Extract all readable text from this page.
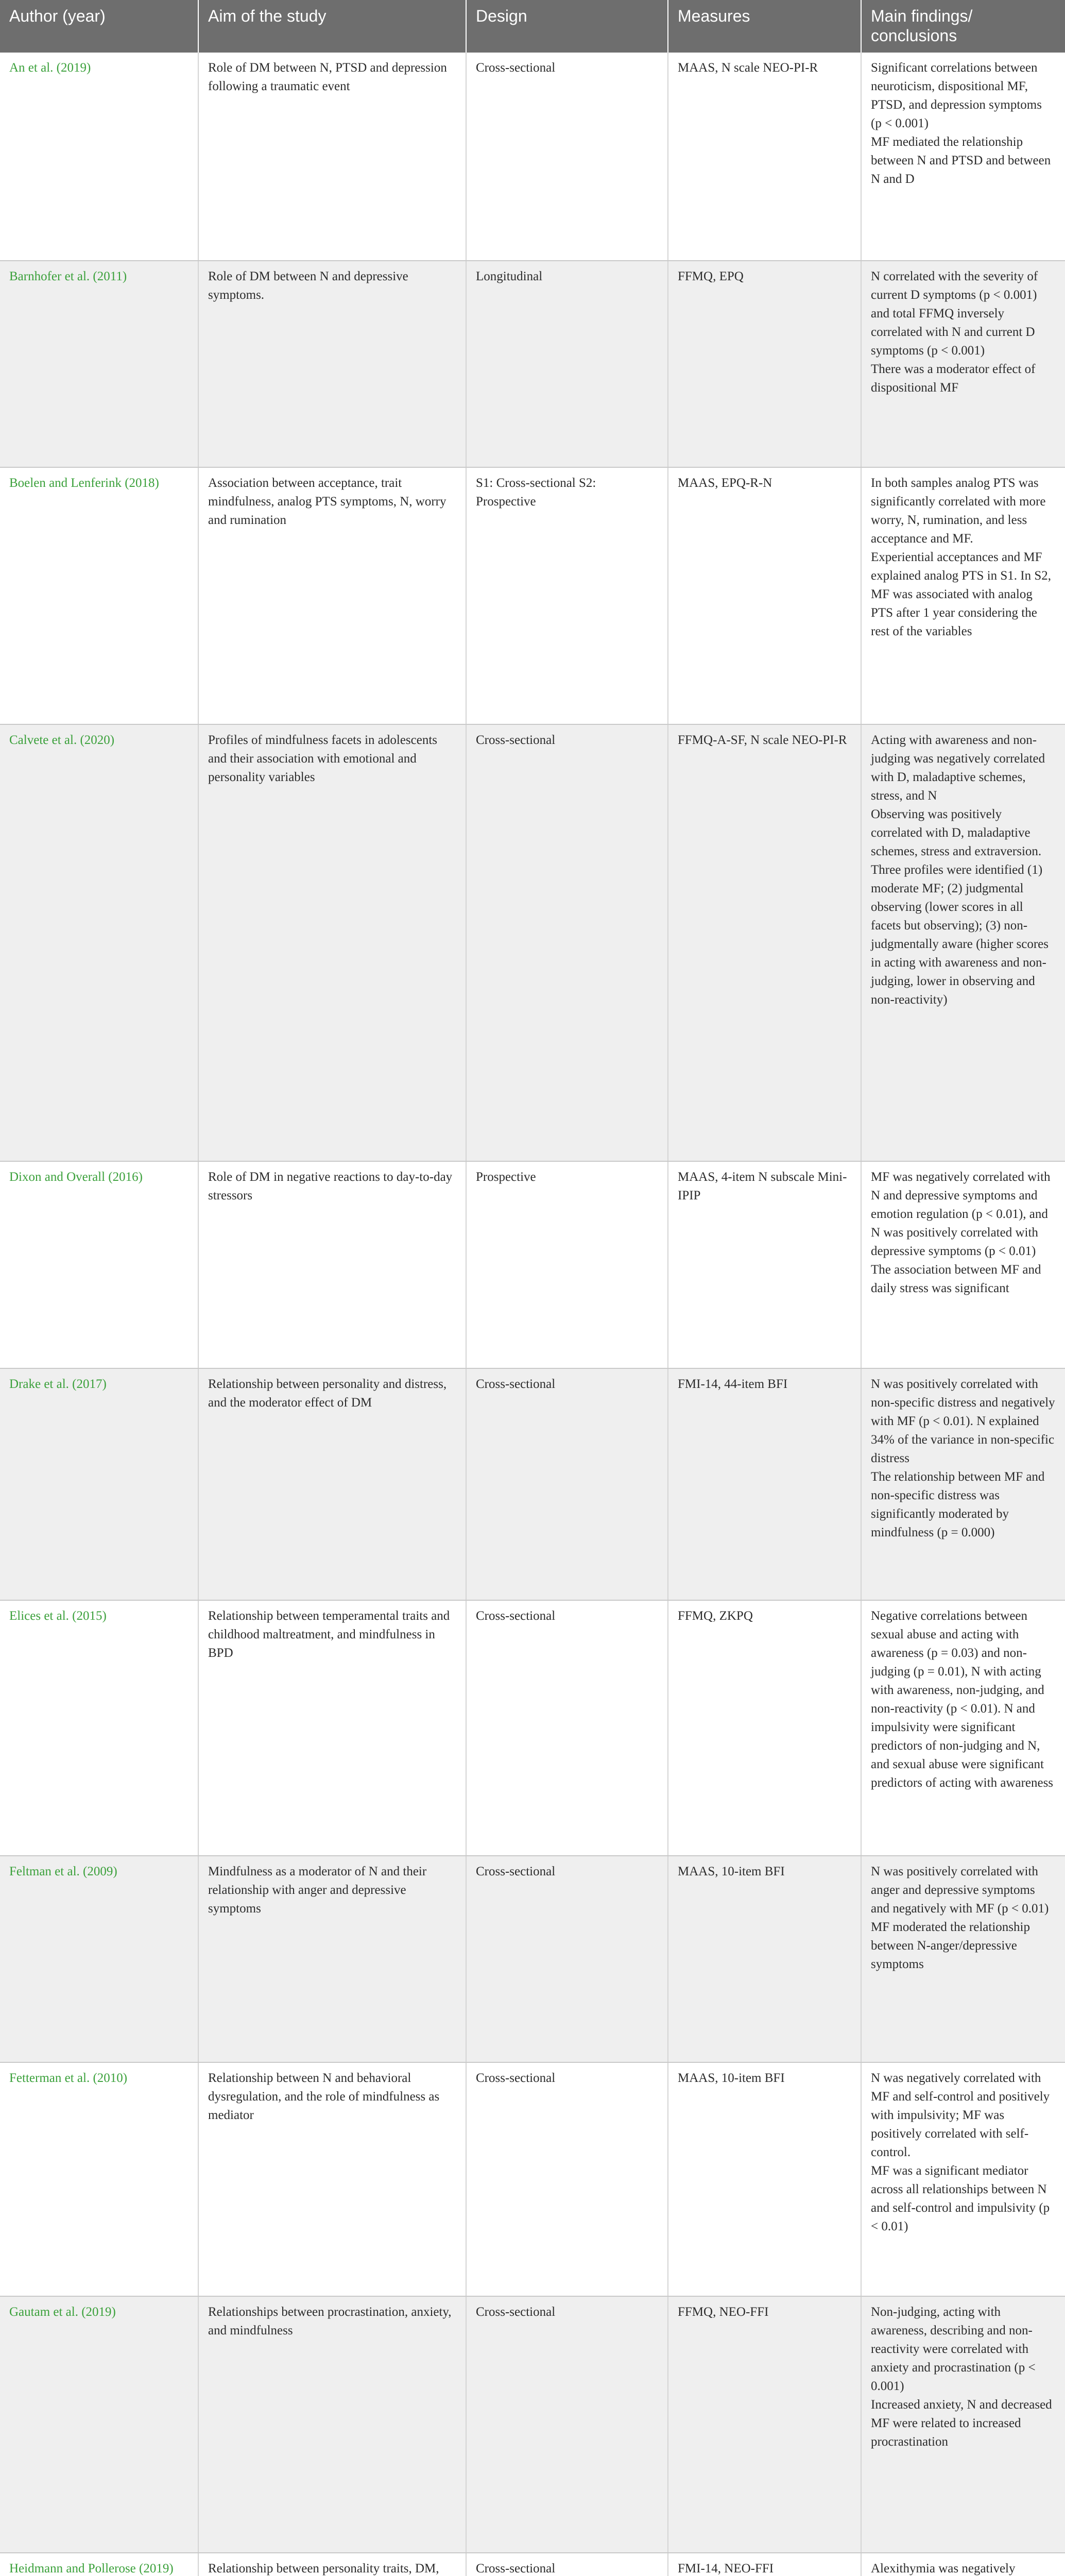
Author (year)	Aim of the study	Design	Measures	Main findings/ conclusions
An et al. (2019)	Role of DM between N, PTSD and depression following a traumatic event	Cross-sectional	MAAS, N scale NEO-PI-R	Significant correlations between neuroticism, dispositional MF, PTSD, and depression symptoms (p < 0.001)
MF mediated the relationship between N and PTSD and between N and D

Barnhofer et al. (2011)	Role of DM between N and depressive symptoms.	Longitudinal	FFMQ, EPQ	N correlated with the severity of current D symptoms (p < 0.001) and total FFMQ inversely correlated with N and current D symptoms (p < 0.001)
There was a moderator effect of dispositional MF

Boelen and Lenferink (2018)	Association between acceptance, trait mindfulness, analog PTS symptoms, N, worry and rumination	S1: Cross-sectional S2: Prospective	MAAS, EPQ-R-N	In both samples analog PTS was significantly correlated with more worry, N, rumination, and less acceptance and MF.
Experiential acceptances and MF explained analog PTS in S1. In S2, MF was associated with analog PTS after 1 year considering the rest of the variables

Calvete et al. (2020)	Profiles of mindfulness facets in adolescents and their association with emotional and personality variables	Cross-sectional	FFMQ-A-SF, N scale NEO-PI-R	Acting with awareness and non-judging was negatively correlated with D, maladaptive schemes, stress, and N
Observing was positively correlated with D, maladaptive schemes, stress and extraversion.
Three profiles were identified (1) moderate MF; (2) judgmental observing (lower scores in all facets but observing); (3) non-judgmentally aware (higher scores in acting with awareness and non-judging, lower in observing and non-reactivity)

Dixon and Overall (2016)	Role of DM in negative reactions to day-to-day stressors	Prospective	MAAS, 4-item N subscale Mini-IPIP	MF was negatively correlated with N and depressive symptoms and emotion regulation (p < 0.01), and N was positively correlated with depressive symptoms (p < 0.01)
The association between MF and daily stress was significant

Drake et al. (2017)	Relationship between personality and distress, and the moderator effect of DM	Cross-sectional	FMI-14, 44-item BFI	N was positively correlated with non-specific distress and negatively with MF (p < 0.01). N explained 34% of the variance in non-specific distress
The relationship between MF and non-specific distress was significantly moderated by mindfulness (p = 0.000)

Elices et al. (2015)	Relationship between temperamental traits and childhood maltreatment, and mindfulness in BPD	Cross-sectional	FFMQ, ZKPQ	Negative correlations between sexual abuse and acting with awareness (p = 0.03) and non-judging (p = 0.01), N with acting with awareness, non-judging, and non-reactivity (p < 0.01). N and impulsivity were significant predictors of non-judging and N, and sexual abuse were significant predictors of acting with awareness

Feltman et al. (2009)	Mindfulness as a moderator of N and their relationship with anger and depressive symptoms	Cross-sectional	MAAS, 10-item BFI	N was positively correlated with anger and depressive symptoms and negatively with MF (p < 0.01)
MF moderated the relationship between N-anger/depressive symptoms

Fetterman et al. (2010)	Relationship between N and behavioral dysregulation, and the role of mindfulness as mediator	Cross-sectional	MAAS, 10-item BFI	N was negatively correlated with MF and self-control and positively with impulsivity; MF was positively correlated with self-control.
MF was a significant mediator across all relationships between N and self-control and impulsivity (p < 0.01)

Gautam et al. (2019)	Relationships between procrastination, anxiety, and mindfulness	Cross-sectional	FFMQ, NEO-FFI	Non-judging, acting with awareness, describing and non-reactivity were correlated with anxiety and procrastination (p < 0.001)
Increased anxiety, N and decreased MF were related to increased procrastination

Heidmann and Pollerose (2019)	Relationship between personality traits, DM,	Cross-sectional	FMI-14, NEO-FFI	Alexithymia was negatively
